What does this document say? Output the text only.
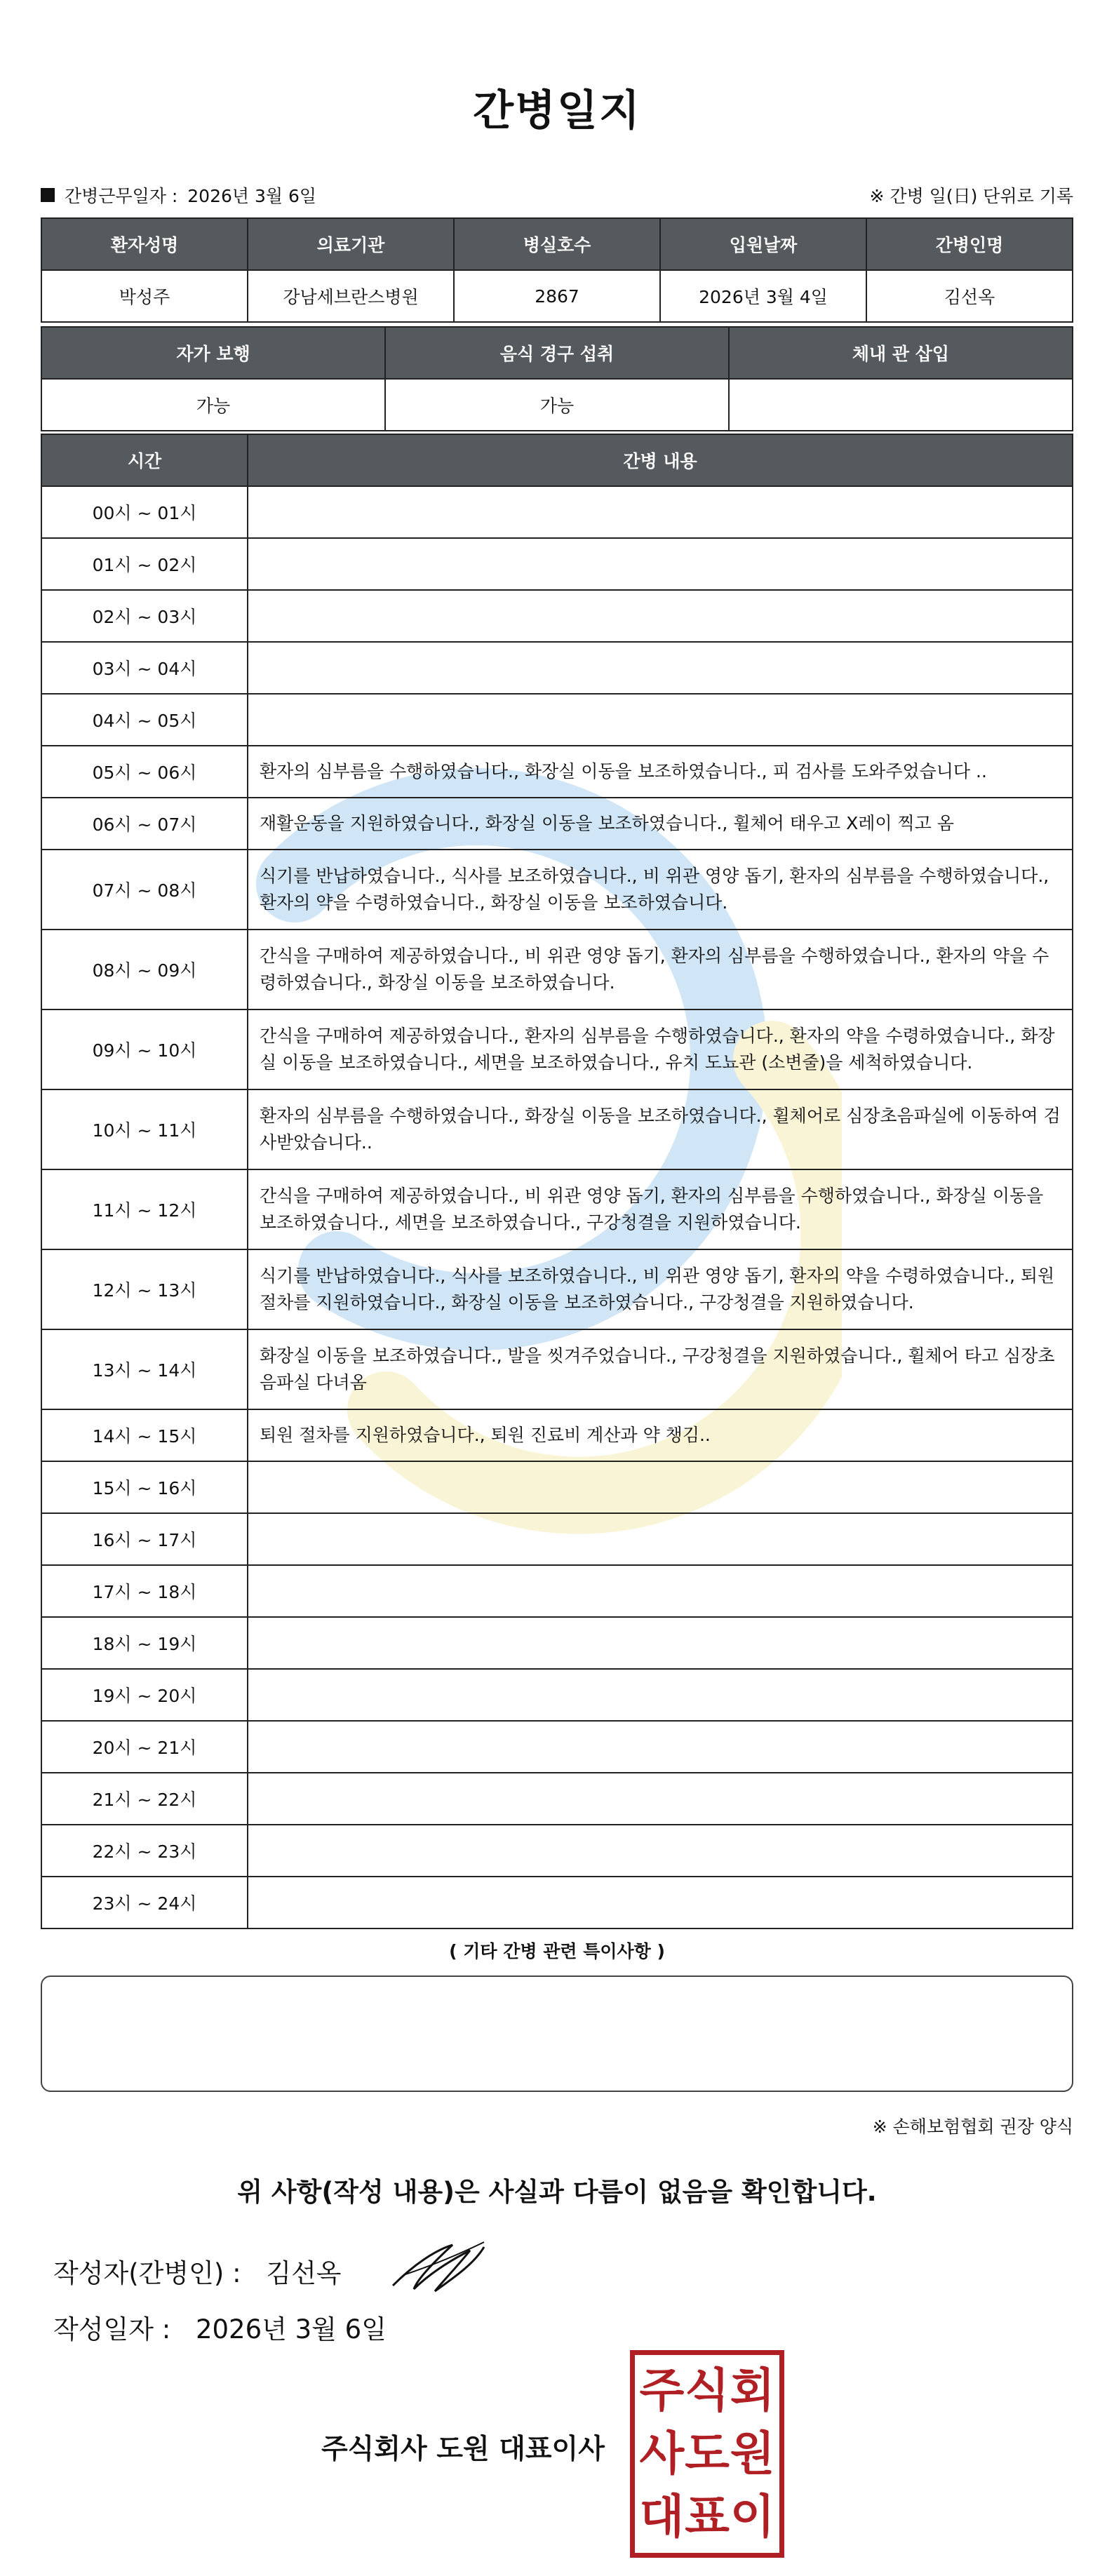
간병일지
간병근무일자 : 2026년 3월 6일	※ 간병 일(日) 단위로 기록
환자성명	의료기관	병실호수	입원날짜	간병인명
박성주	강남세브란스병원	2867	2026년 3월 4일	김선옥
자가 보행	음식 경구 섭취	체내 관 삽입
가능	가능	
시간	간병 내용
00시 ~ 01시	
01시 ~ 02시	
02시 ~ 03시	
03시 ~ 04시	
04시 ~ 05시	
05시 ~ 06시	환자의 심부름을 수행하였습니다., 화장실 이동을 보조하였습니다., 피 검사를 도와주었습니다 ..
06시 ~ 07시	재활운동을 지원하였습니다., 화장실 이동을 보조하였습니다., 휠체어 태우고 X레이 찍고 옴
07시 ~ 08시	식기를 반납하였습니다., 식사를 보조하였습니다., 비 위관 영양 돕기, 환자의 심부름을 수행하였습니다., 환자의 약을 수령하였습니다., 화장실 이동을 보조하였습니다.
08시 ~ 09시	간식을 구매하여 제공하였습니다., 비 위관 영양 돕기, 환자의 심부름을 수행하였습니다., 환자의 약을 수령하였습니다., 화장실 이동을 보조하였습니다.
09시 ~ 10시	간식을 구매하여 제공하였습니다., 환자의 심부름을 수행하였습니다., 환자의 약을 수령하였습니다., 화장실 이동을 보조하였습니다., 세면을 보조하였습니다., 유치 도뇨관 (소변줄)을 세척하였습니다.
10시 ~ 11시	환자의 심부름을 수행하였습니다., 화장실 이동을 보조하였습니다., 휠체어로 심장초음파실에 이동하여 검사받았습니다..
11시 ~ 12시	간식을 구매하여 제공하였습니다., 비 위관 영양 돕기, 환자의 심부름을 수행하였습니다., 화장실 이동을 보조하였습니다., 세면을 보조하였습니다., 구강청결을 지원하였습니다.
12시 ~ 13시	식기를 반납하였습니다., 식사를 보조하였습니다., 비 위관 영양 돕기, 환자의 약을 수령하였습니다., 퇴원 절차를 지원하였습니다., 화장실 이동을 보조하였습니다., 구강청결을 지원하였습니다.
13시 ~ 14시	화장실 이동을 보조하였습니다., 발을 씻겨주었습니다., 구강청결을 지원하였습니다., 휠체어 타고 심장초음파실 다녀옴
14시 ~ 15시	퇴원 절차를 지원하였습니다., 퇴원 진료비 계산과 약 챙김..
15시 ~ 16시	
16시 ~ 17시	
17시 ~ 18시	
18시 ~ 19시	
19시 ~ 20시	
20시 ~ 21시	
21시 ~ 22시	
22시 ~ 23시	
23시 ~ 24시	
( 기타 간병 관련 특이사항 )
※ 손해보험협회 권장 양식
위 사항(작성 내용)은 사실과 다름이 없음을 확인합니다.
작성자(간병인) : 김선옥
작성일자 : 2026년 3월 6일
주식회사 도원 대표이사
주 식 회
사 도 원
대 표 이
